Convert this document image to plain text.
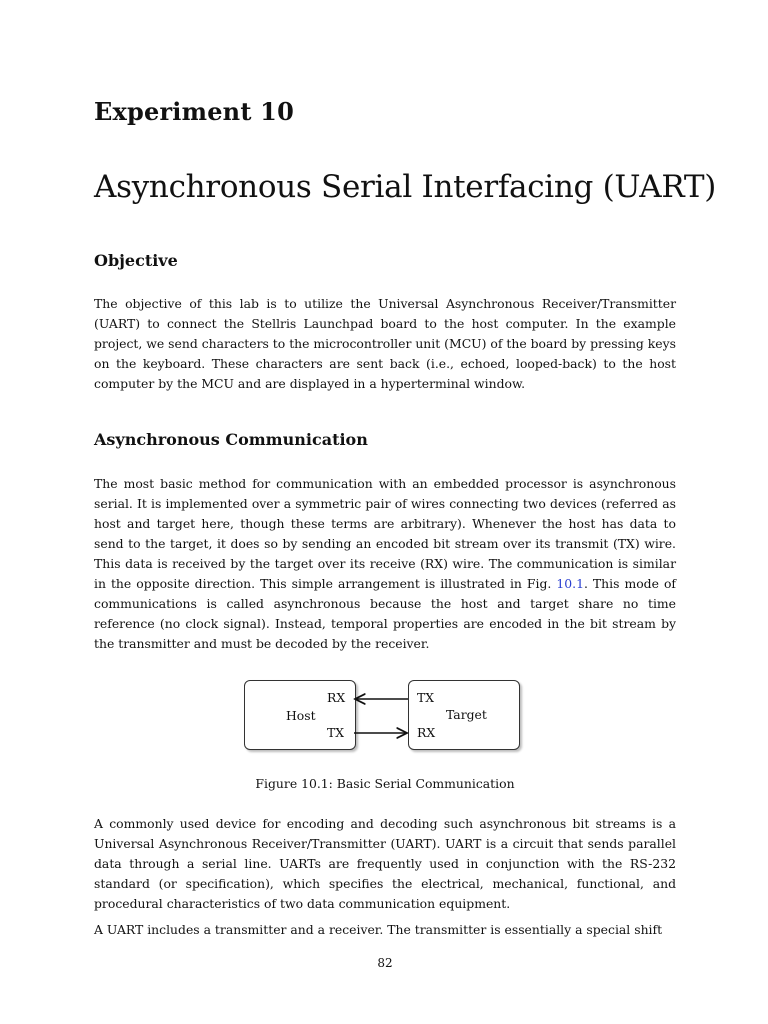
Experiment 10
Asynchronous Serial Interfacing (UART)
Objective

The objective of this lab is to utilize the Universal Asynchronous Receiver/Transmitter (UART) to connect the Stellris Launchpad board to the host computer. In the example project, we send characters to the microcontroller unit (MCU) of the board by pressing keys on the keyboard. These characters are sent back (i.e., echoed, looped-back) to the host computer by the MCU and are displayed in a hyperterminal window.

Asynchronous Communication

The most basic method for communication with an embedded processor is asynchronous serial. It is implemented over a symmetric pair of wires connecting two devices (referred as host and target here, though these terms are arbitrary). Whenever the host has data to send to the target, it does so by sending an encoded bit stream over its transmit (TX) wire. This data is received by the target over its receive (RX) wire. The communication is similar in the opposite direction. This simple arrangement is illustrated in Fig. 10.1. This mode of communications is called asynchronous because the host and target share no time reference (no clock signal). Instead, temporal properties are encoded in the bit stream by the transmitter and must be decoded by the receiver.

Host
RX
TX
Target
TX
RX
Figure 10.1: Basic Serial Communication

A commonly used device for encoding and decoding such asynchronous bit streams is a Universal Asynchronous Receiver/Transmitter (UART). UART is a circuit that sends parallel data through a serial line. UARTs are frequently used in conjunction with the RS-232 standard (or specification), which specifies the electrical, mechanical, functional, and procedural characteristics of two data communication equipment.

A UART includes a transmitter and a receiver. The transmitter is essentially a special shift

82
